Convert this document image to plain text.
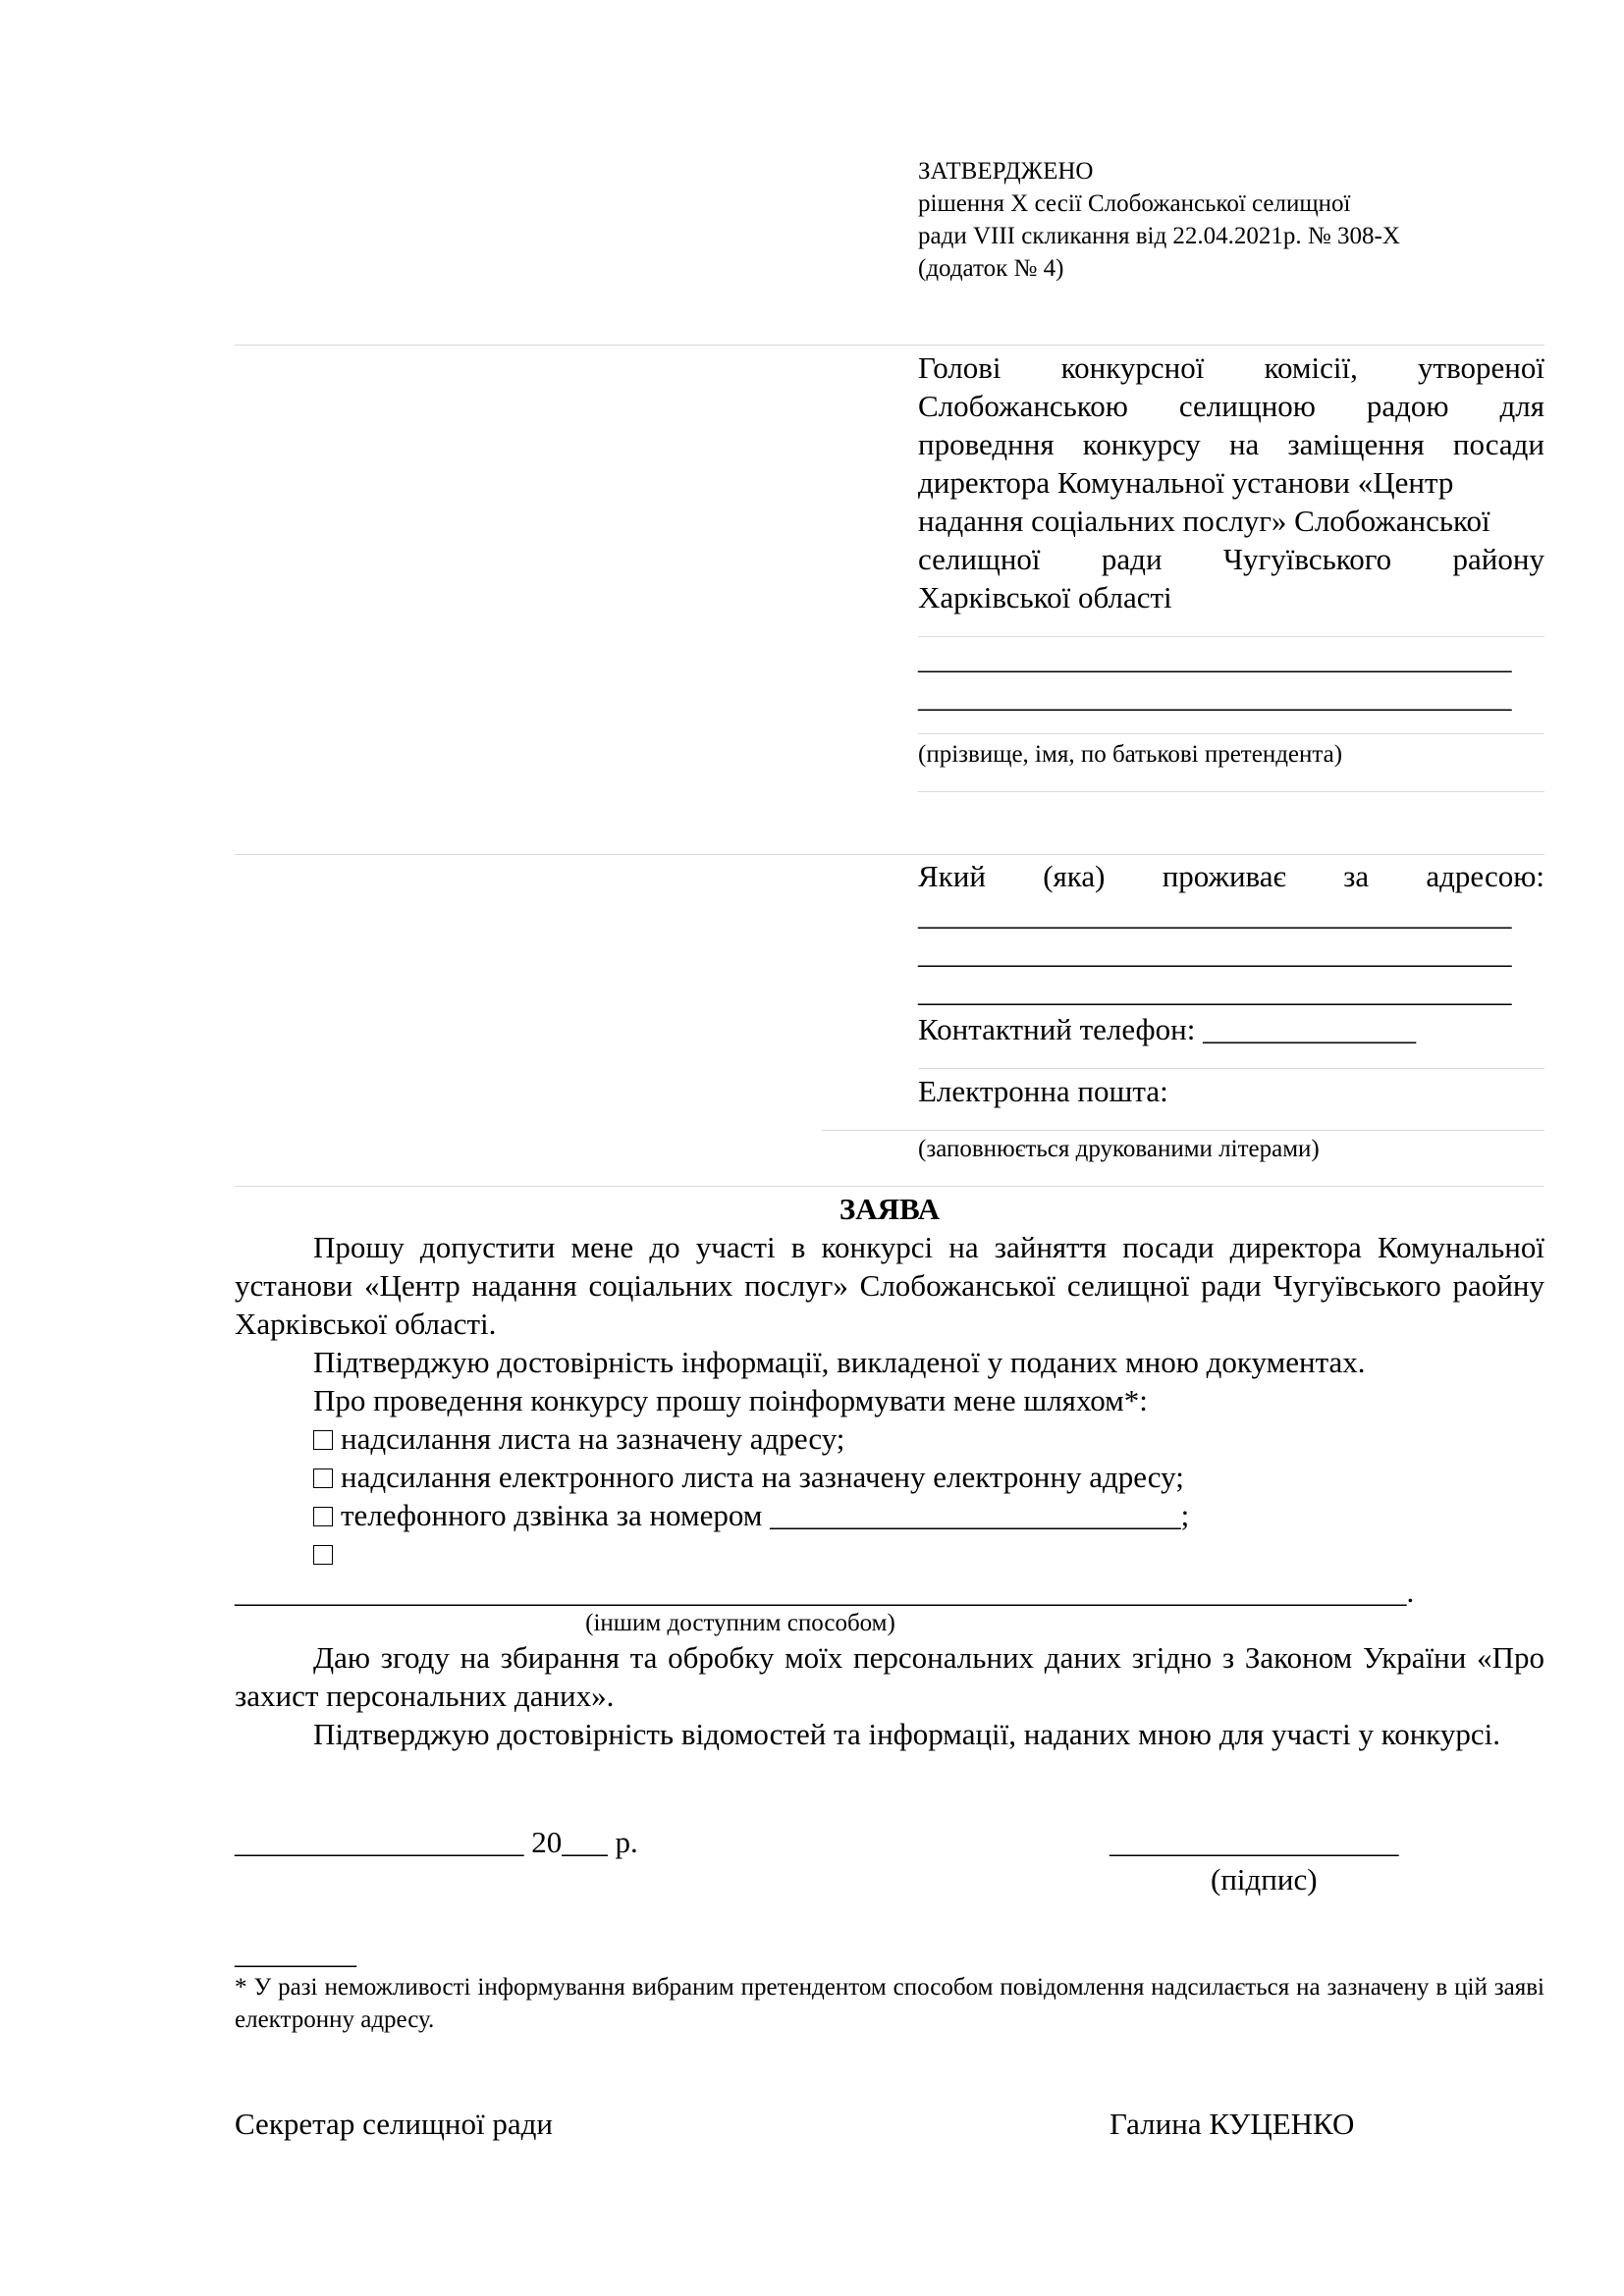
ЗАТВЕРДЖЕНО
рішення Х сесії Слобожанської селищної
ради VIII скликання від 22.04.2021р. № 308-Х
(додаток № 4)
Голові конкурсної комісії, утвореної
Слобожанською селищною радою для
проведння конкурсу на заміщення посади
директора Комунальної установи «Центр
надання соціальних послуг» Слобожанської
селищної ради Чугуївського району
Харківської області
_______________________________________
_______________________________________
(прізвище, імя, по батькові претендента)
Який (яка) проживає за адресою:
_______________________________________
_______________________________________
_______________________________________
Контактний телефон: ______________
Електронна пошта:
(заповнюється друкованими літерами)
ЗАЯВА
Прошу допустити мене до участі в конкурсі на зайняття посади директора Комунальної установи «Центр надання соціальних послуг» Слобожанської селищної ради Чугуївського раойну Харківської області.
Підтверджую достовірність інформації, викладеної у поданих мною документах.
Про проведення конкурсу прошу поінформувати мене шляхом*:
надсилання листа на зазначену адресу;
надсилання електронного листа на зазначену електронну адресу;
телефонного дзвінка за номером ___________________________;
_____________________________________________________________________________.
(іншим доступним способом)
Даю згоду на збирання та обробку моїх персональних даних згідно з Законом України «Про захист персональних даних».
Підтверджую достовірність відомостей та інформації, наданих мною для участі у конкурсі.
___________________ 20___ р.	___________________
(підпис)
________
* У разі неможливості інформування вибраним претендентом способом повідомлення надсилається на зазначену в цій заяві електронну адресу.
Секретар селищної ради	Галина КУЦЕНКО
